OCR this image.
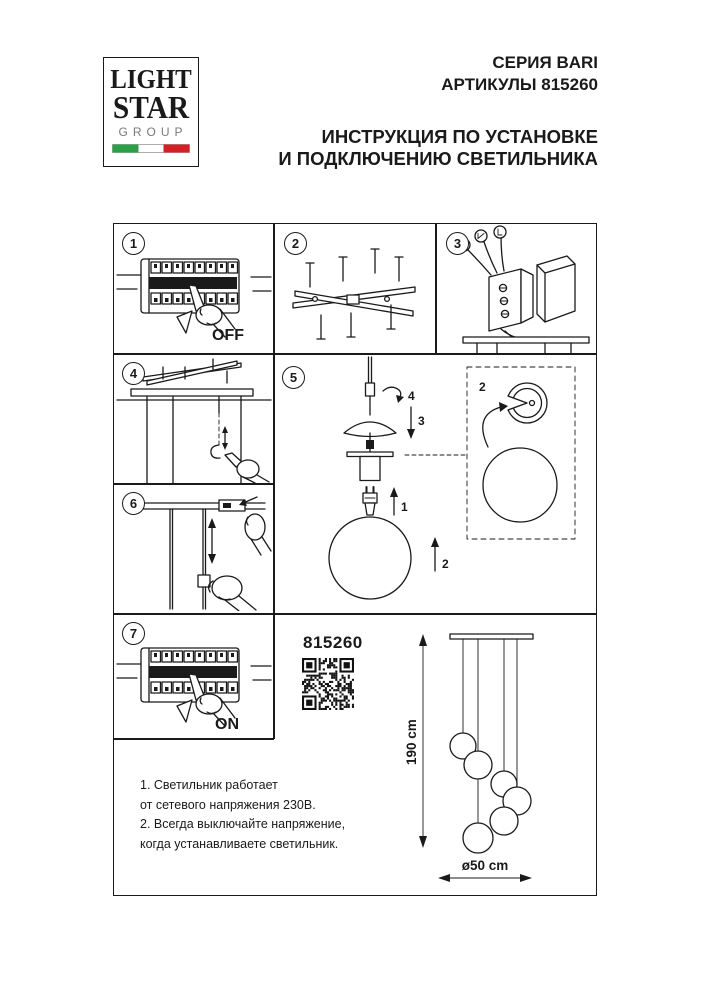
LIGHT
STAR
GROUP
СЕРИЯ BARI
АРТИКУЛЫ 815260
ИНСТРУКЦИЯ ПО УСТАНОВКЕ
И ПОДКЛЮЧЕНИЮ СВЕТИЛЬНИКА
1	2	3
4	5
6
7
OFF
4
3
1
2
2
ON
815260
1. Светильник работает
от сетевого напряжения 230В.
2. Всегда выключайте напряжение,
когда устанавливаете светильник.
190 cm
ø50 cm
